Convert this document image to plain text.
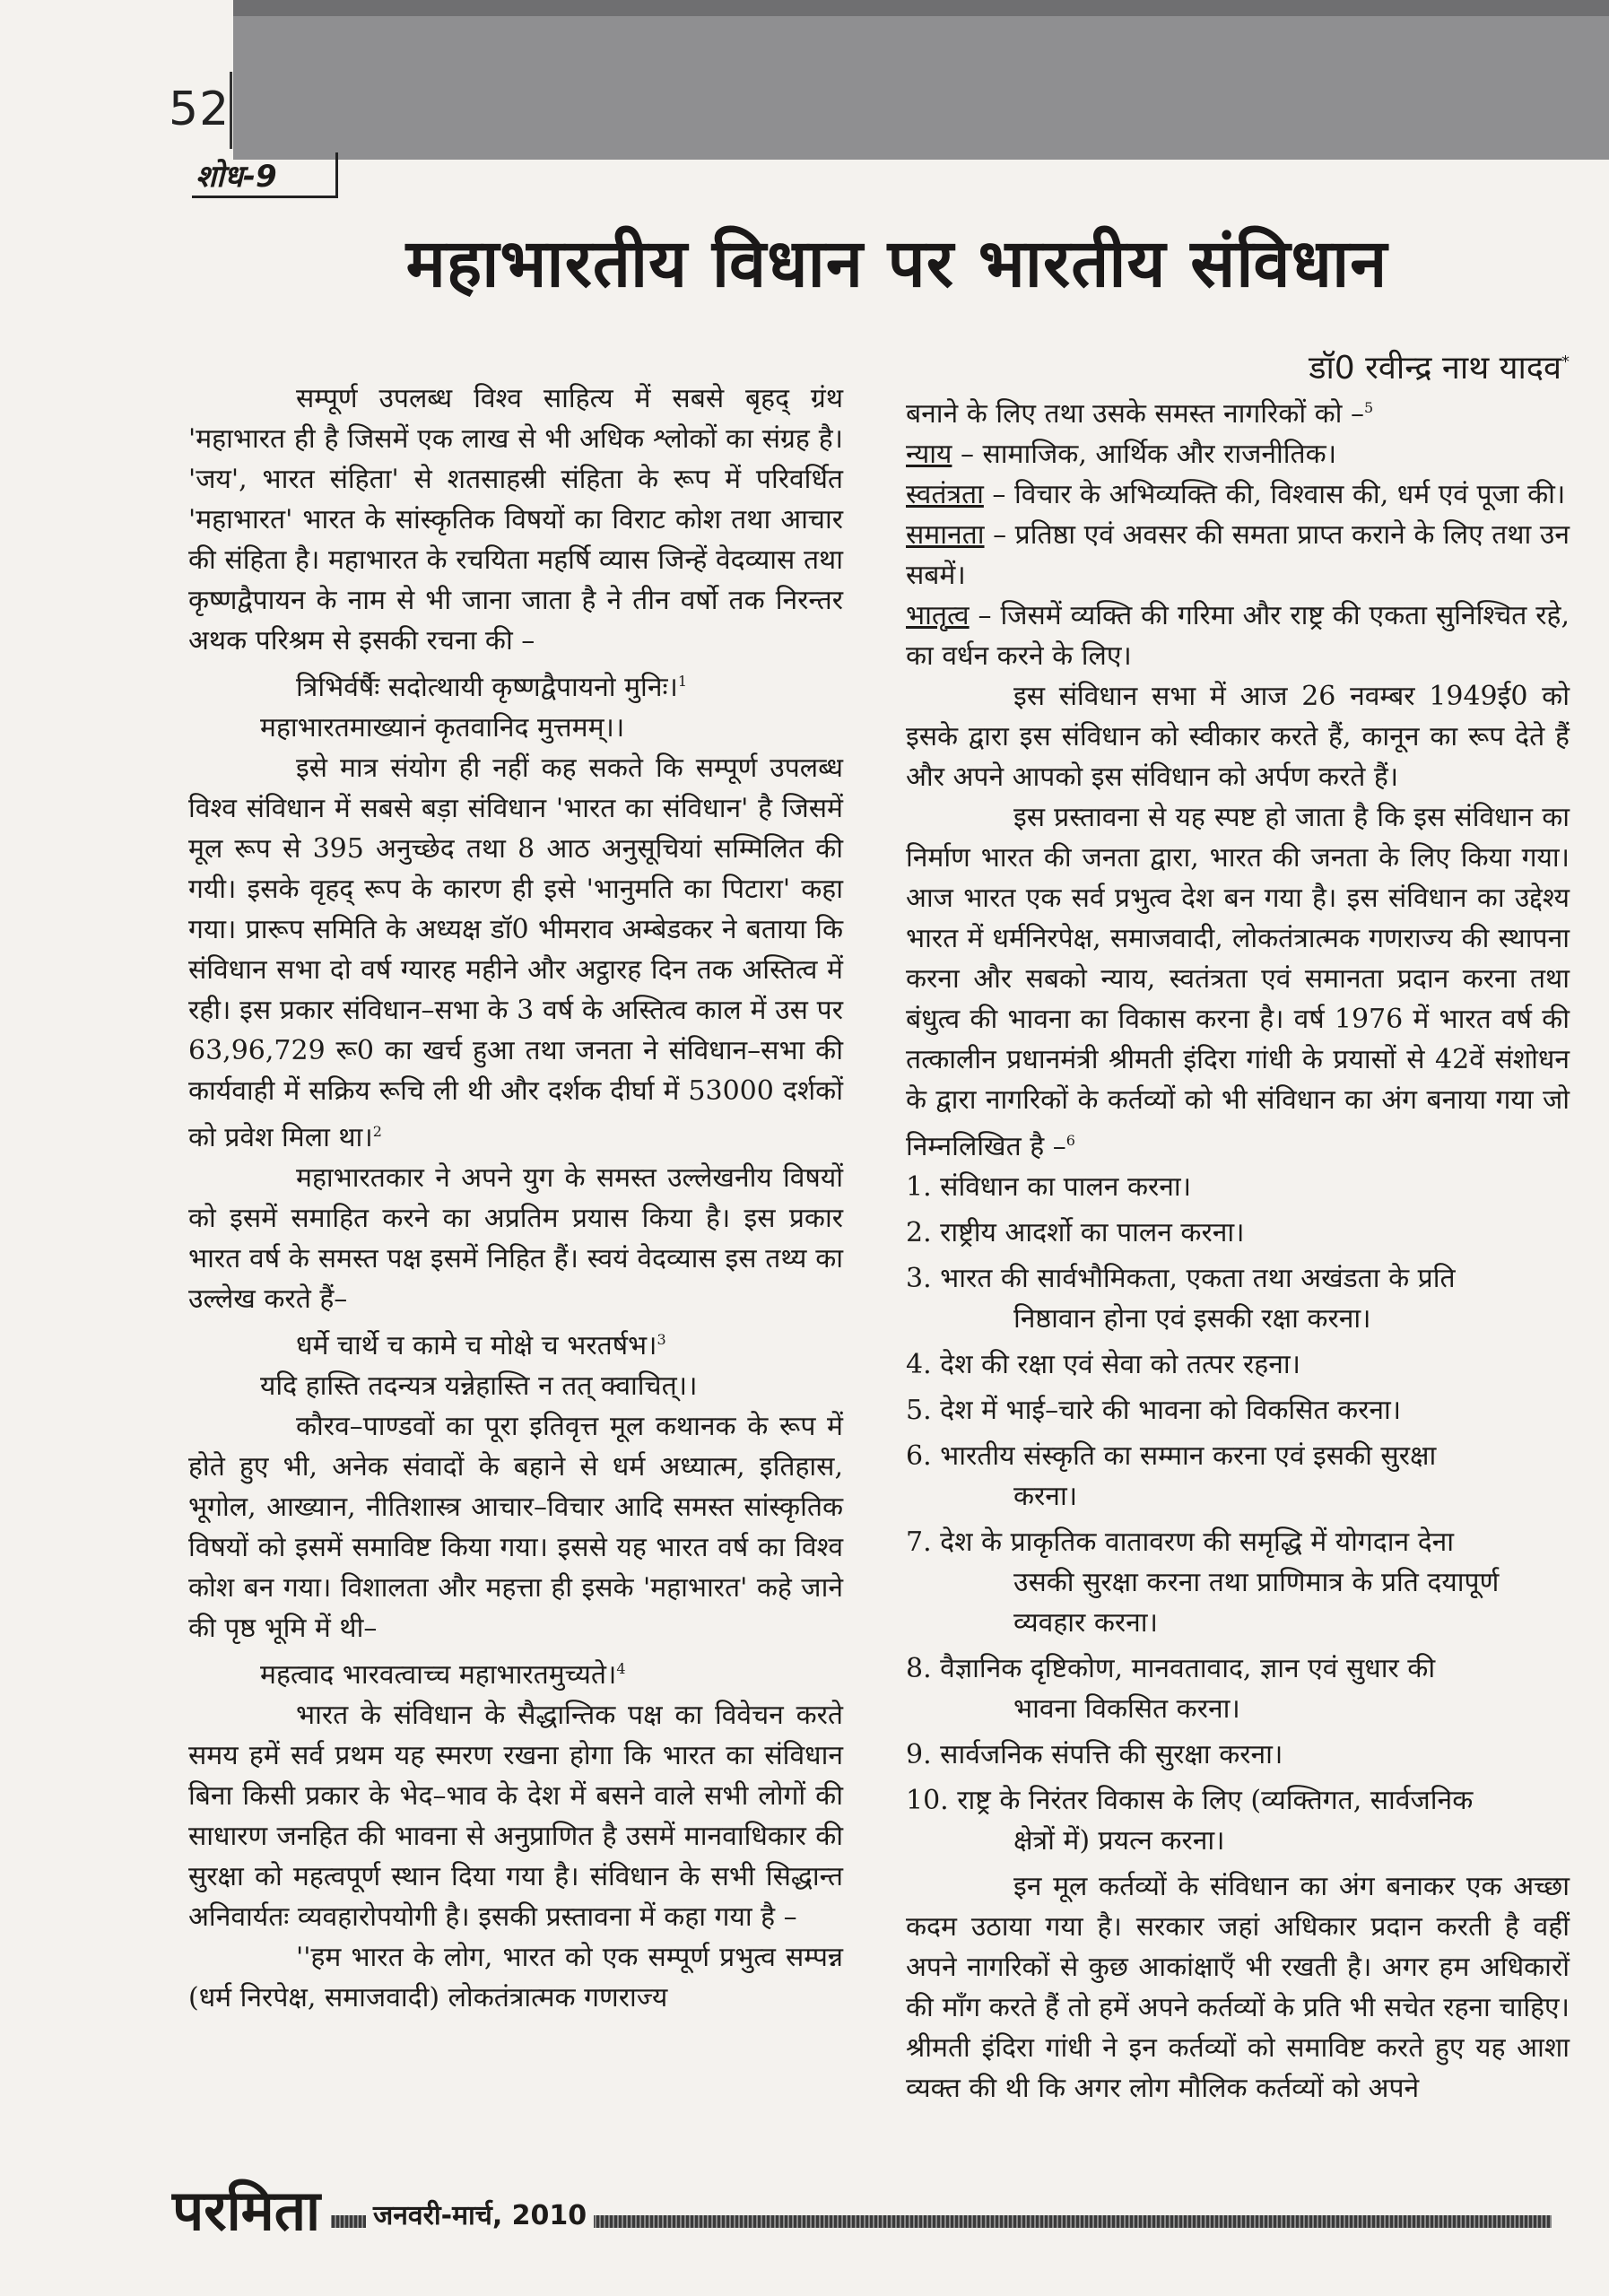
52
शोध-9
महाभारतीय विधान पर भारतीय संविधान
डॉ0 रवीन्द्र नाथ यादव*

सम्पूर्ण उपलब्ध विश्व साहित्य में सबसे बृहद् ग्रंथ 'महाभारत ही है जिसमें एक लाख से भी अधिक श्लोकों का संग्रह है। 'जय', भारत संहिता' से शतसाहस्री संहिता के रूप में परिवर्धित 'महाभारत' भारत के सांस्कृतिक विषयों का विराट कोश तथा आचार की संहिता है। महाभारत के रचयिता महर्षि व्यास जिन्हें वेदव्यास तथा कृष्णद्वैपायन के नाम से भी जाना जाता है ने तीन वर्षो तक निरन्तर अथक परिश्रम से इसकी रचना की –

त्रिभिर्वर्षैः सदोत्थायी कृष्णद्वैपायनो मुनिः।$^1$

महाभारतमाख्यानं कृतवानिद मुत्तमम्।।

इसे मात्र संयोग ही नहीं कह सकते कि सम्पूर्ण उपलब्ध विश्व संविधान में सबसे बड़ा संविधान 'भारत का संविधान' है जिसमें मूल रूप से 395 अनुच्छेद तथा 8 आठ अनुसूचियां सम्मिलित की गयी। इसके वृहद् रूप के कारण ही इसे 'भानुमति का पिटारा' कहा गया। प्रारूप समिति के अध्यक्ष डॉ0 भीमराव अम्बेडकर ने बताया कि संविधान सभा दो वर्ष ग्यारह महीने और अट्ठारह दिन तक अस्तित्व में रही। इस प्रकार संविधान–सभा के 3 वर्ष के अस्तित्व काल में उस पर 63,96,729 रू0 का खर्च हुआ तथा जनता ने संविधान–सभा की कार्यवाही में सक्रिय रूचि ली थी और दर्शक दीर्घा में 53000 दर्शकों को प्रवेश मिला था।$^2$

महाभारतकार ने अपने युग के समस्त उल्लेखनीय विषयों को इसमें समाहित करने का अप्रतिम प्रयास किया है। इस प्रकार भारत वर्ष के समस्त पक्ष इसमें निहित हैं। स्वयं वेदव्यास इस तथ्य का उल्लेख करते हैं–

धर्मे चार्थे च कामे च मोक्षे च भरतर्षभ।$^3$

यदि हास्ति तदन्यत्र यन्नेहास्ति न तत् क्वाचित्।।

कौरव–पाण्डवों का पूरा इतिवृत्त मूल कथानक के रूप में होते हुए भी, अनेक संवादों के बहाने से धर्म अध्यात्म, इतिहास, भूगोल, आख्यान, नीतिशास्त्र आचार–विचार आदि समस्त सांस्कृतिक विषयों को इसमें समाविष्ट किया गया। इससे यह भारत वर्ष का विश्व कोश बन गया। विशालता और महत्ता ही इसके 'महाभारत' कहे जाने की पृष्ठ भूमि में थी–

महत्वाद भारवत्वाच्च महाभारतमुच्यते।$^4$

भारत के संविधान के सैद्धान्तिक पक्ष का विवेचन करते समय हमें सर्व प्रथम यह स्मरण रखना होगा कि भारत का संविधान बिना किसी प्रकार के भेद–भाव के देश में बसने वाले सभी लोगों की साधारण जनहित की भावना से अनुप्राणित है उसमें मानवाधिकार की सुरक्षा को महत्वपूर्ण स्थान दिया गया है। संविधान के सभी सिद्धान्त अनिवार्यतः व्यवहारोपयोगी है। इसकी प्रस्तावना में कहा गया है –

''हम भारत के लोग, भारत को एक सम्पूर्ण प्रभुत्व सम्पन्न (धर्म निरपेक्ष, समाजवादी) लोकतंत्रात्मक गणराज्य

बनाने के लिए तथा उसके समस्त नागरिकों को –$^5$

न्याय – सामाजिक, आर्थिक और राजनीतिक।

स्वतंत्रता – विचार के अभिव्यक्ति की, विश्वास की, धर्म एवं पूजा की।

समानता – प्रतिष्ठा एवं अवसर की समता प्राप्त कराने के लिए तथा उन सबमें।

भातृत्व – जिसमें व्यक्ति की गरिमा और राष्ट्र की एकता सुनिश्चित रहे, का वर्धन करने के लिए।

इस संविधान सभा में आज 26 नवम्बर 1949ई0 को इसके द्वारा इस संविधान को स्वीकार करते हैं, कानून का रूप देते हैं और अपने आपको इस संविधान को अर्पण करते हैं।

इस प्रस्तावना से यह स्पष्ट हो जाता है कि इस संविधान का निर्माण भारत की जनता द्वारा, भारत की जनता के लिए किया गया। आज भारत एक सर्व प्रभुत्व देश बन गया है। इस संविधान का उद्देश्य भारत में धर्मनिरपेक्ष, समाजवादी, लोकतंत्रात्मक गणराज्य की स्थापना करना और सबको न्याय, स्वतंत्रता एवं समानता प्रदान करना तथा बंधुत्व की भावना का विकास करना है। वर्ष 1976 में भारत वर्ष की तत्कालीन प्रधानमंत्री श्रीमती इंदिरा गांधी के प्रयासों से 42वें संशोधन के द्वारा नागरिकों के कर्तव्यों को भी संविधान का अंग बनाया गया जो निम्नलिखित है –$^6$

1. संविधान का पालन करना।
2. राष्ट्रीय आदर्शो का पालन करना।
3. भारत की सार्वभौमिकता, एकता तथा अखंडता के प्रति
निष्ठावान होना एवं इसकी रक्षा करना।
4. देश की रक्षा एवं सेवा को तत्पर रहना।
5. देश में भाई–चारे की भावना को विकसित करना।
6. भारतीय संस्कृति का सम्मान करना एवं इसकी सुरक्षा
करना।
7. देश के प्राकृतिक वातावरण की समृद्धि में योगदान देना
उसकी सुरक्षा करना तथा प्राणिमात्र के प्रति दयापूर्ण व्यवहार करना।
8. वैज्ञानिक दृष्टिकोण, मानवतावाद, ज्ञान एवं सुधार की
भावना विकसित करना।
9. सार्वजनिक संपत्ति की सुरक्षा करना।
10. राष्ट्र के निरंतर विकास के लिए (व्यक्तिगत, सार्वजनिक
क्षेत्रों में) प्रयत्न करना।

इन मूल कर्तव्यों के संविधान का अंग बनाकर एक अच्छा कदम उठाया गया है। सरकार जहां अधिकार प्रदान करती है वहीं अपने नागरिकों से कुछ आकांक्षाएँ भी रखती है। अगर हम अधिकारों की माँग करते हैं तो हमें अपने कर्तव्यों के प्रति भी सचेत रहना चाहिए। श्रीमती इंदिरा गांधी ने इन कर्तव्यों को समाविष्ट करते हुए यह आशा व्यक्त की थी कि अगर लोग मौलिक कर्तव्यों को अपने

परमिता	जनवरी-मार्च, 2010
